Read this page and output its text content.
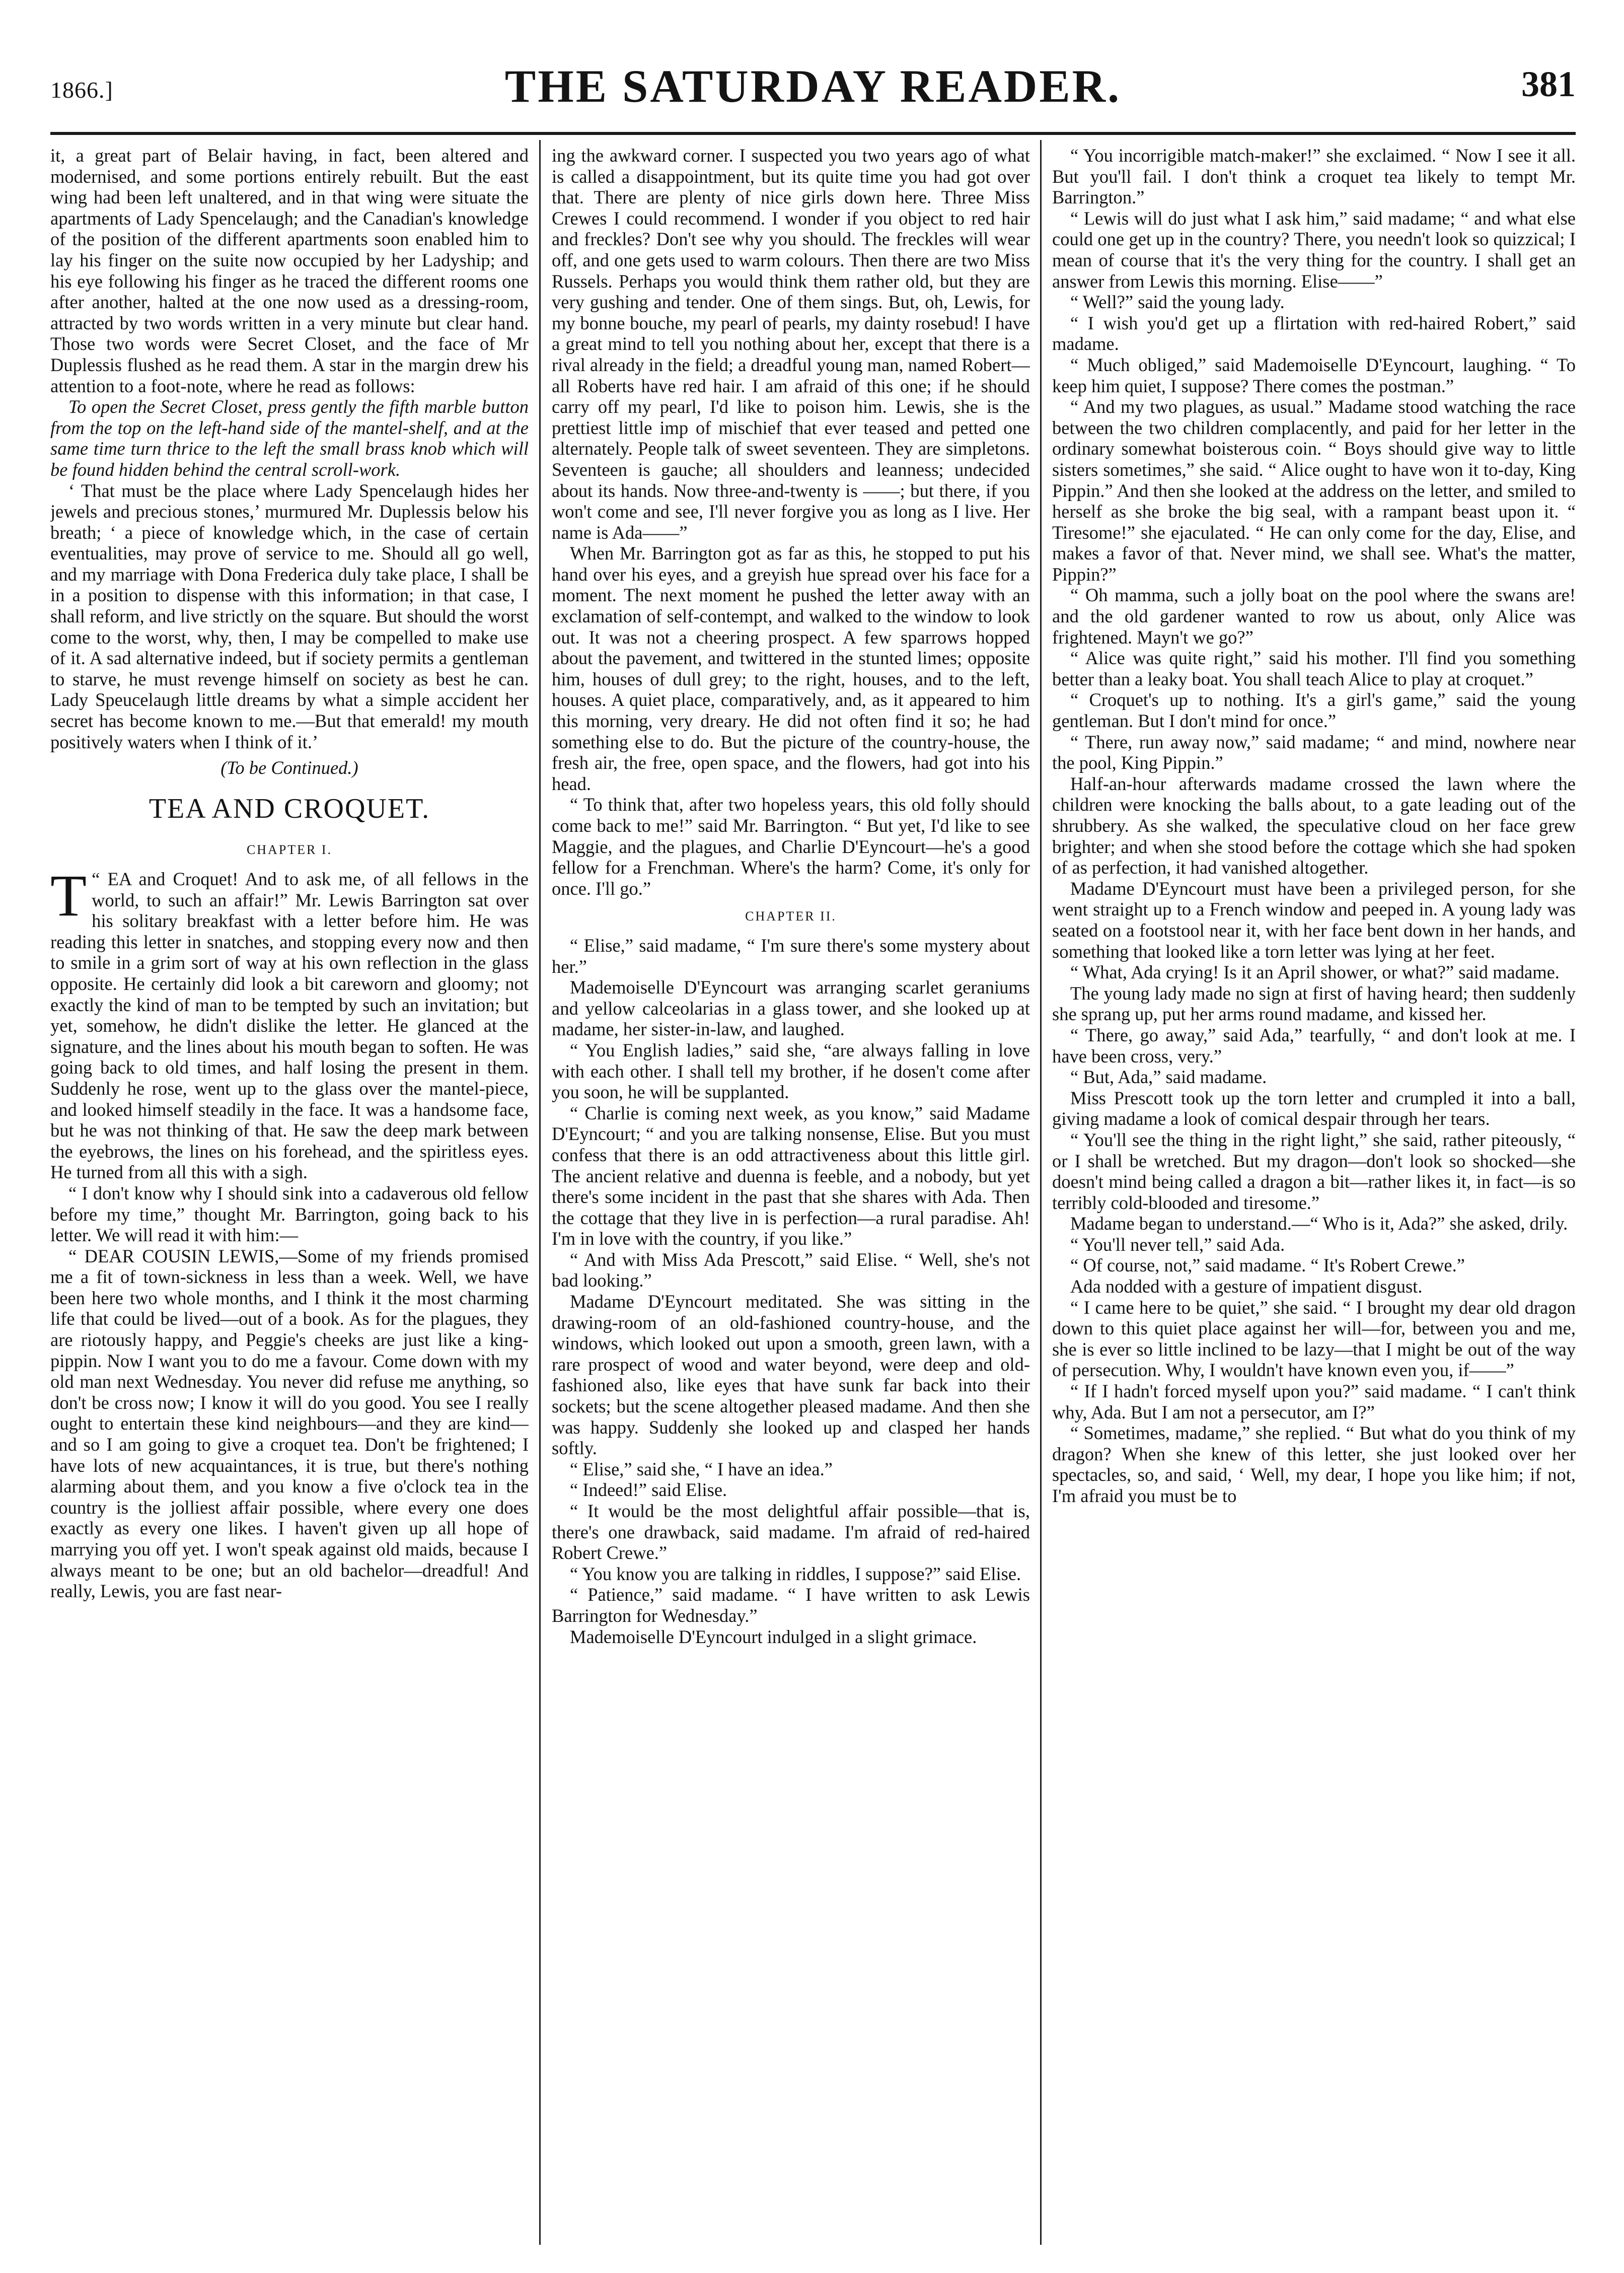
1866.]	THE SATURDAY READER.	381

it, a great part of Belair having, in fact, been altered and modernised, and some portions entirely rebuilt. But the east wing had been left unaltered, and in that wing were situate the apartments of Lady Spencelaugh; and the Canadian's knowledge of the position of the different apartments soon enabled him to lay his finger on the suite now occupied by her Ladyship; and his eye following his finger as he traced the different rooms one after another, halted at the one now used as a dressing-room, attracted by two words written in a very minute but clear hand. Those two words were Secret Closet, and the face of Mr Duplessis flushed as he read them. A star in the margin drew his attention to a foot-note, where he read as follows:

To open the Secret Closet, press gently the fifth marble button from the top on the left-hand side of the mantel-shelf, and at the same time turn thrice to the left the small brass knob which will be found hidden behind the central scroll-work.

‘ That must be the place where Lady Spencelaugh hides her jewels and precious stones,’ murmured Mr. Duplessis below his breath; ‘ a piece of knowledge which, in the case of certain eventualities, may prove of service to me. Should all go well, and my marriage with Dona Frederica duly take place, I shall be in a position to dispense with this information; in that case, I shall reform, and live strictly on the square. But should the worst come to the worst, why, then, I may be compelled to make use of it. A sad alternative indeed, but if society permits a gentleman to starve, he must revenge himself on society as best he can. Lady Speucelaugh little dreams by what a simple accident her secret has become known to me.—But that emerald! my mouth positively waters when I think of it.’

(To be Continued.)

TEA AND CROQUET.

CHAPTER I.

T “ EA and Croquet! And to ask me, of all fellows in the world, to such an affair!” Mr. Lewis Barrington sat over his solitary breakfast with a letter before him. He was reading this letter in snatches, and stopping every now and then to smile in a grim sort of way at his own reflection in the glass opposite. He certainly did look a bit careworn and gloomy; not exactly the kind of man to be tempted by such an invitation; but yet, somehow, he didn't dislike the letter. He glanced at the signature, and the lines about his mouth began to soften. He was going back to old times, and half losing the present in them. Suddenly he rose, went up to the glass over the mantel-piece, and looked himself steadily in the face. It was a handsome face, but he was not thinking of that. He saw the deep mark between the eyebrows, the lines on his forehead, and the spiritless eyes. He turned from all this with a sigh.

“ I don't know why I should sink into a cadaverous old fellow before my time,” thought Mr. Barrington, going back to his letter. We will read it with him:—

“ DEAR COUSIN LEWIS,—Some of my friends promised me a fit of town-sickness in less than a week. Well, we have been here two whole months, and I think it the most charming life that could be lived—out of a book. As for the plagues, they are riotously happy, and Peggie's cheeks are just like a king-pippin. Now I want you to do me a favour. Come down with my old man next Wednesday. You never did refuse me anything, so don't be cross now; I know it will do you good. You see I really ought to entertain these kind neighbours—and they are kind—and so I am going to give a croquet tea. Don't be frightened; I have lots of new acquaintances, it is true, but there's nothing alarming about them, and you know a five o'clock tea in the country is the jolliest affair possible, where every one does exactly as every one likes. I haven't given up all hope of marrying you off yet. I won't speak against old maids, because I always meant to be one; but an old bachelor—dreadful! And really, Lewis, you are fast near-

ing the awkward corner. I suspected you two years ago of what is called a disappointment, but its quite time you had got over that. There are plenty of nice girls down here. Three Miss Crewes I could recommend. I wonder if you object to red hair and freckles? Don't see why you should. The freckles will wear off, and one gets used to warm colours. Then there are two Miss Russels. Perhaps you would think them rather old, but they are very gushing and tender. One of them sings. But, oh, Lewis, for my bonne bouche, my pearl of pearls, my dainty rosebud! I have a great mind to tell you nothing about her, except that there is a rival already in the field; a dreadful young man, named Robert—all Roberts have red hair. I am afraid of this one; if he should carry off my pearl, I'd like to poison him. Lewis, she is the prettiest little imp of mischief that ever teased and petted one alternately. People talk of sweet seventeen. They are simpletons. Seventeen is gauche; all shoulders and leanness; undecided about its hands. Now three-and-twenty is ——; but there, if you won't come and see, I'll never forgive you as long as I live. Her name is Ada——”

When Mr. Barrington got as far as this, he stopped to put his hand over his eyes, and a greyish hue spread over his face for a moment. The next moment he pushed the letter away with an exclamation of self-contempt, and walked to the window to look out. It was not a cheering prospect. A few sparrows hopped about the pavement, and twittered in the stunted limes; opposite him, houses of dull grey; to the right, houses, and to the left, houses. A quiet place, comparatively, and, as it appeared to him this morning, very dreary. He did not often find it so; he had something else to do. But the picture of the country-house, the fresh air, the free, open space, and the flowers, had got into his head.

“ To think that, after two hopeless years, this old folly should come back to me!” said Mr. Barrington. “ But yet, I'd like to see Maggie, and the plagues, and Charlie D'Eyncourt—he's a good fellow for a Frenchman. Where's the harm? Come, it's only for once. I'll go.”

CHAPTER II.

“ Elise,” said madame, “ I'm sure there's some mystery about her.”

Mademoiselle D'Eyncourt was arranging scarlet geraniums and yellow calceolarias in a glass tower, and she looked up at madame, her sister-in-law, and laughed.

“ You English ladies,” said she, “are always falling in love with each other. I shall tell my brother, if he dosen't come after you soon, he will be supplanted.

“ Charlie is coming next week, as you know,” said Madame D'Eyncourt; “ and you are talking nonsense, Elise. But you must confess that there is an odd attractiveness about this little girl. The ancient relative and duenna is feeble, and a nobody, but yet there's some incident in the past that she shares with Ada. Then the cottage that they live in is perfection—a rural paradise. Ah! I'm in love with the country, if you like.”

“ And with Miss Ada Prescott,” said Elise. “ Well, she's not bad looking.”

Madame D'Eyncourt meditated. She was sitting in the drawing-room of an old-fashioned country-house, and the windows, which looked out upon a smooth, green lawn, with a rare prospect of wood and water beyond, were deep and old-fashioned also, like eyes that have sunk far back into their sockets; but the scene altogether pleased madame. And then she was happy. Suddenly she looked up and clasped her hands softly.

“ Elise,” said she, “ I have an idea.”

“ Indeed!” said Elise.

“ It would be the most delightful affair possible—that is, there's one drawback, said madame. I'm afraid of red-haired Robert Crewe.”

“ You know you are talking in riddles, I suppose?” said Elise.

“ Patience,” said madame. “ I have written to ask Lewis Barrington for Wednesday.”

Mademoiselle D'Eyncourt indulged in a slight grimace.

“ You incorrigible match-maker!” she exclaimed. “ Now I see it all. But you'll fail. I don't think a croquet tea likely to tempt Mr. Barrington.”

“ Lewis will do just what I ask him,” said madame; “ and what else could one get up in the country? There, you needn't look so quizzical; I mean of course that it's the very thing for the country. I shall get an answer from Lewis this morning. Elise——”

“ Well?” said the young lady.

“ I wish you'd get up a flirtation with red-haired Robert,” said madame.

“ Much obliged,” said Mademoiselle D'Eyncourt, laughing. “ To keep him quiet, I suppose? There comes the postman.”

“ And my two plagues, as usual.” Madame stood watching the race between the two children complacently, and paid for her letter in the ordinary somewhat boisterous coin. “ Boys should give way to little sisters sometimes,” she said. “ Alice ought to have won it to-day, King Pippin.” And then she looked at the address on the letter, and smiled to herself as she broke the big seal, with a rampant beast upon it. “ Tiresome!” she ejaculated. “ He can only come for the day, Elise, and makes a favor of that. Never mind, we shall see. What's the matter, Pippin?”

“ Oh mamma, such a jolly boat on the pool where the swans are! and the old gardener wanted to row us about, only Alice was frightened. Mayn't we go?”

“ Alice was quite right,” said his mother. I'll find you something better than a leaky boat. You shall teach Alice to play at croquet.”

“ Croquet's up to nothing. It's a girl's game,” said the young gentleman. But I don't mind for once.”

“ There, run away now,” said madame; “ and mind, nowhere near the pool, King Pippin.”

Half-an-hour afterwards madame crossed the lawn where the children were knocking the balls about, to a gate leading out of the shrubbery. As she walked, the speculative cloud on her face grew brighter; and when she stood before the cottage which she had spoken of as perfection, it had vanished altogether.

Madame D'Eyncourt must have been a privileged person, for she went straight up to a French window and peeped in. A young lady was seated on a footstool near it, with her face bent down in her hands, and something that looked like a torn letter was lying at her feet.

“ What, Ada crying! Is it an April shower, or what?” said madame.

The young lady made no sign at first of having heard; then suddenly she sprang up, put her arms round madame, and kissed her.

“ There, go away,” said Ada,” tearfully, “ and don't look at me. I have been cross, very.”

“ But, Ada,” said madame.

Miss Prescott took up the torn letter and crumpled it into a ball, giving madame a look of comical despair through her tears.

“ You'll see the thing in the right light,” she said, rather piteously, “ or I shall be wretched. But my dragon—don't look so shocked—she doesn't mind being called a dragon a bit—rather likes it, in fact—is so terribly cold-blooded and tiresome.”

Madame began to understand.—“ Who is it, Ada?” she asked, drily.

“ You'll never tell,” said Ada.

“ Of course, not,” said madame. “ It's Robert Crewe.”

Ada nodded with a gesture of impatient disgust.

“ I came here to be quiet,” she said. “ I brought my dear old dragon down to this quiet place against her will—for, between you and me, she is ever so little inclined to be lazy—that I might be out of the way of persecution. Why, I wouldn't have known even you, if——”

“ If I hadn't forced myself upon you?” said madame. “ I can't think why, Ada. But I am not a persecutor, am I?”

“ Sometimes, madame,” she replied. “ But what do you think of my dragon? When she knew of this letter, she just looked over her spectacles, so, and said, ‘ Well, my dear, I hope you like him; if not, I'm afraid you must be to
